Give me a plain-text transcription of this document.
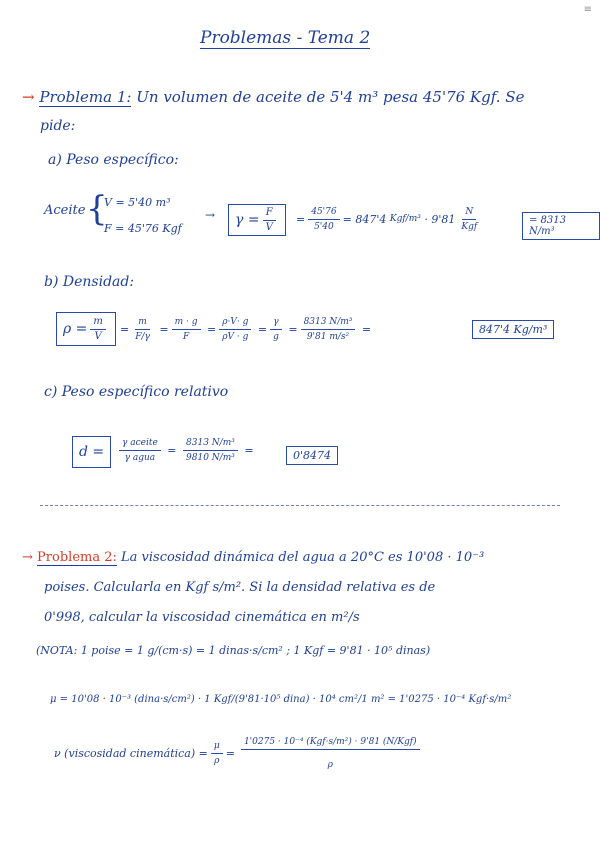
≡
Problemas - Tema 2
→ Problema 1: Un volumen de aceite de 5'4 m³ pesa 45'76 Kgf. Se
pide:
a) Peso específico:
Aceite {
V = 5'40 m³
F = 45'76 Kgf
→ $\gamma = \frac{F}{V} = \frac{45'76}{5'40} = 847'4$
Kgf/m³
· $9'81 \frac{N}{\text{Kgf}}$	= 8313 N/m³
b) Densidad:
$\rho = \frac{m}{V} = \frac{m}{F/\gamma} = \frac{m \cdot g}{F} = \frac{\rho\cdot V\cdot g}{\rho V \cdot g} = \frac{\gamma}{g} = \frac{\text{8313 N/m³}}{\text{9'81 m/s²}}$ =	847'4 Kg/m³
c) Peso específico relativo
d =	$\frac{\text{γ aceite}}{\text{γ agua}} = \frac{\text{8313 N/m³}}{\text{9810 N/m³}}$ =	0'8474
→ Problema 2: La viscosidad dinámica del agua a 20°C es 10'08 · 10⁻³
poises. Calcularla en Kgf s/m². Si la densidad relativa es de
0'998, calcular la viscosidad cinemática en m²/s
(NOTA: 1 poise = 1 g/(cm·s) = 1 dinas·s/cm² ; 1 Kgf = 9'81 · 10⁵ dinas)
μ = 10'08 · 10⁻³ (dina·s/cm²) · 1 Kgf/(9'81·10⁵ dina) · 10⁴ cm²/1 m² = 1'0275 · 10⁻⁴ Kgf·s/m²
ν (viscosidad cinemática) = $\frac{\mu}{\rho} = \frac{\text{1'0275 · 10⁻⁴ (Kgf·s/m²) · 9'81 (N/Kgf)}}{\rho}$
